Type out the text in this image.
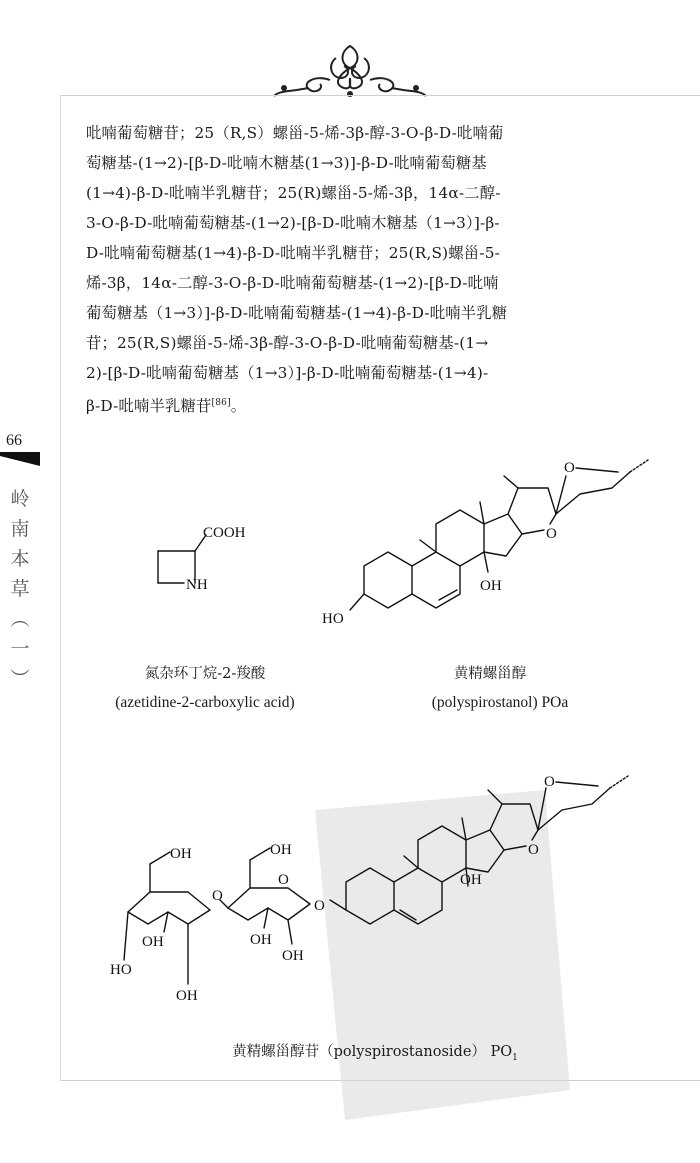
66
岭
南
本
草
︵
一
︶
吡喃葡萄糖苷；25（R,S）螺甾-5-烯-3β-醇-3-O-β-D-吡喃葡
萄糖基-(1→2)-[β-D-吡喃木糖基(1→3)]-β-D-吡喃葡萄糖基
(1→4)-β-D-吡喃半乳糖苷；25(R)螺甾-5-烯-3β，14α-二醇-
3-O-β-D-吡喃葡萄糖基-(1→2)-[β-D-吡喃木糖基（1→3）]-β-
D-吡喃葡萄糖基(1→4)-β-D-吡喃半乳糖苷；25(R,S)螺甾-5-
烯-3β，14α-二醇-3-O-β-D-吡喃葡萄糖基-(1→2)-[β-D-吡喃
葡萄糖基（1→3）]-β-D-吡喃葡萄糖基-(1→4)-β-D-吡喃半乳糖
苷；25(R,S)螺甾-5-烯-3β-醇-3-O-β-D-吡喃葡萄糖基-(1→
2)-[β-D-吡喃葡萄糖基（1→3）]-β-D-吡喃葡萄糖基-(1→4)-
β-D-吡喃半乳糖苷[86]。
COOH
NH	OH
HO
O
O
氮杂环丁烷-2-羧酸
(azetidine-2-carboxylic acid)
黄精螺甾醇
(polyspirostanol) POa
OH
O
O
O
O
OH
OH
OH
O
OH
OH
HO
OH
黄精螺甾醇苷（polyspirostanoside） $PO_1$
